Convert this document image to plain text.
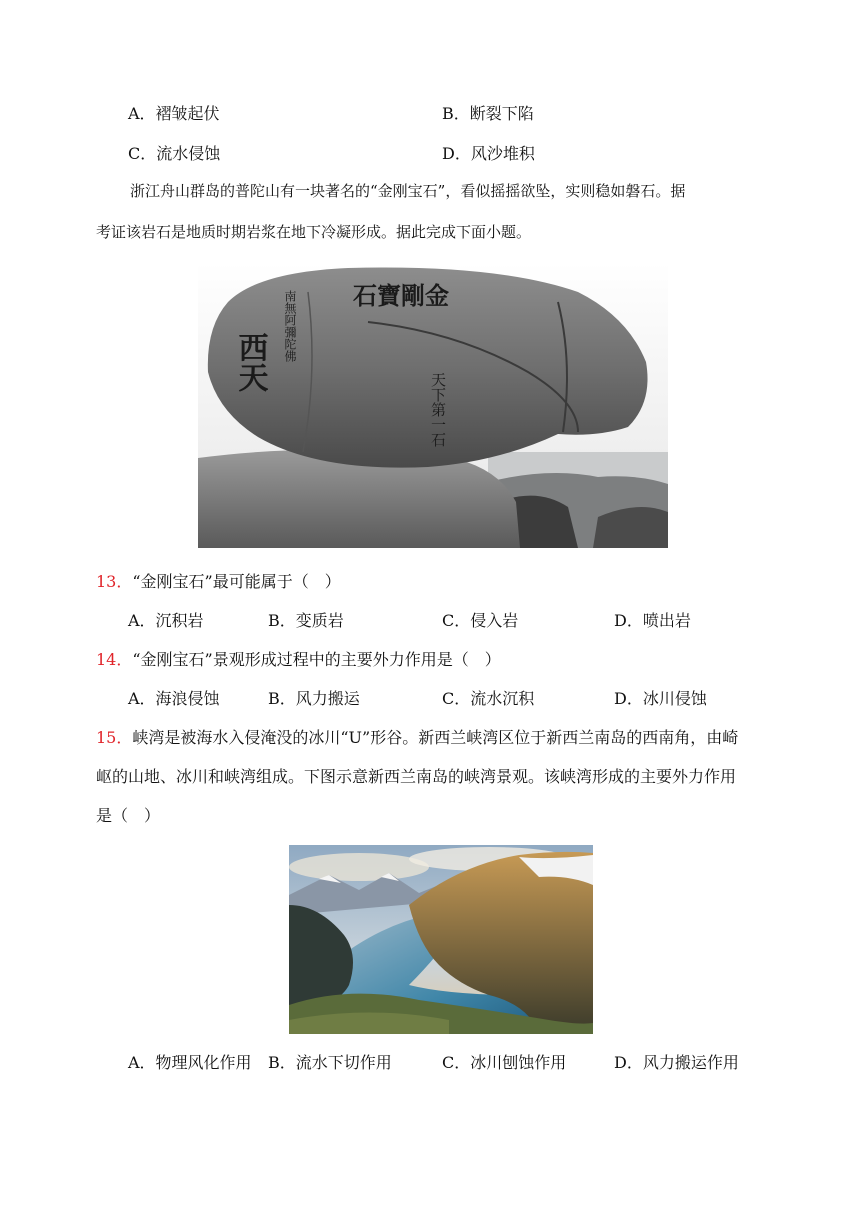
A．褶皱起伏	B．断裂下陷
C．流水侵蚀	D．风沙堆积
浙江舟山群岛的普陀山有一块著名的“金刚宝石”，看似摇摇欲坠，实则稳如磐石。据
考证该岩石是地质时期岩浆在地下冷凝形成。据此完成下面小题。
石寶剛金
西天 南無阿彌陀佛
天下第一石
13．“金刚宝石”最可能属于（　）
A．沉积岩	B．变质岩	C．侵入岩	D．喷出岩
14．“金刚宝石”景观形成过程中的主要外力作用是（　）
A．海浪侵蚀	B．风力搬运	C．流水沉积	D．冰川侵蚀
15．峡湾是被海水入侵淹没的冰川“U”形谷。新西兰峡湾区位于新西兰南岛的西南角，由崎
岖的山地、冰川和峡湾组成。下图示意新西兰南岛的峡湾景观。该峡湾形成的主要外力作用
是（　）
A．物理风化作用 B．流水下切作用	C．冰川刨蚀作用	D．风力搬运作用
